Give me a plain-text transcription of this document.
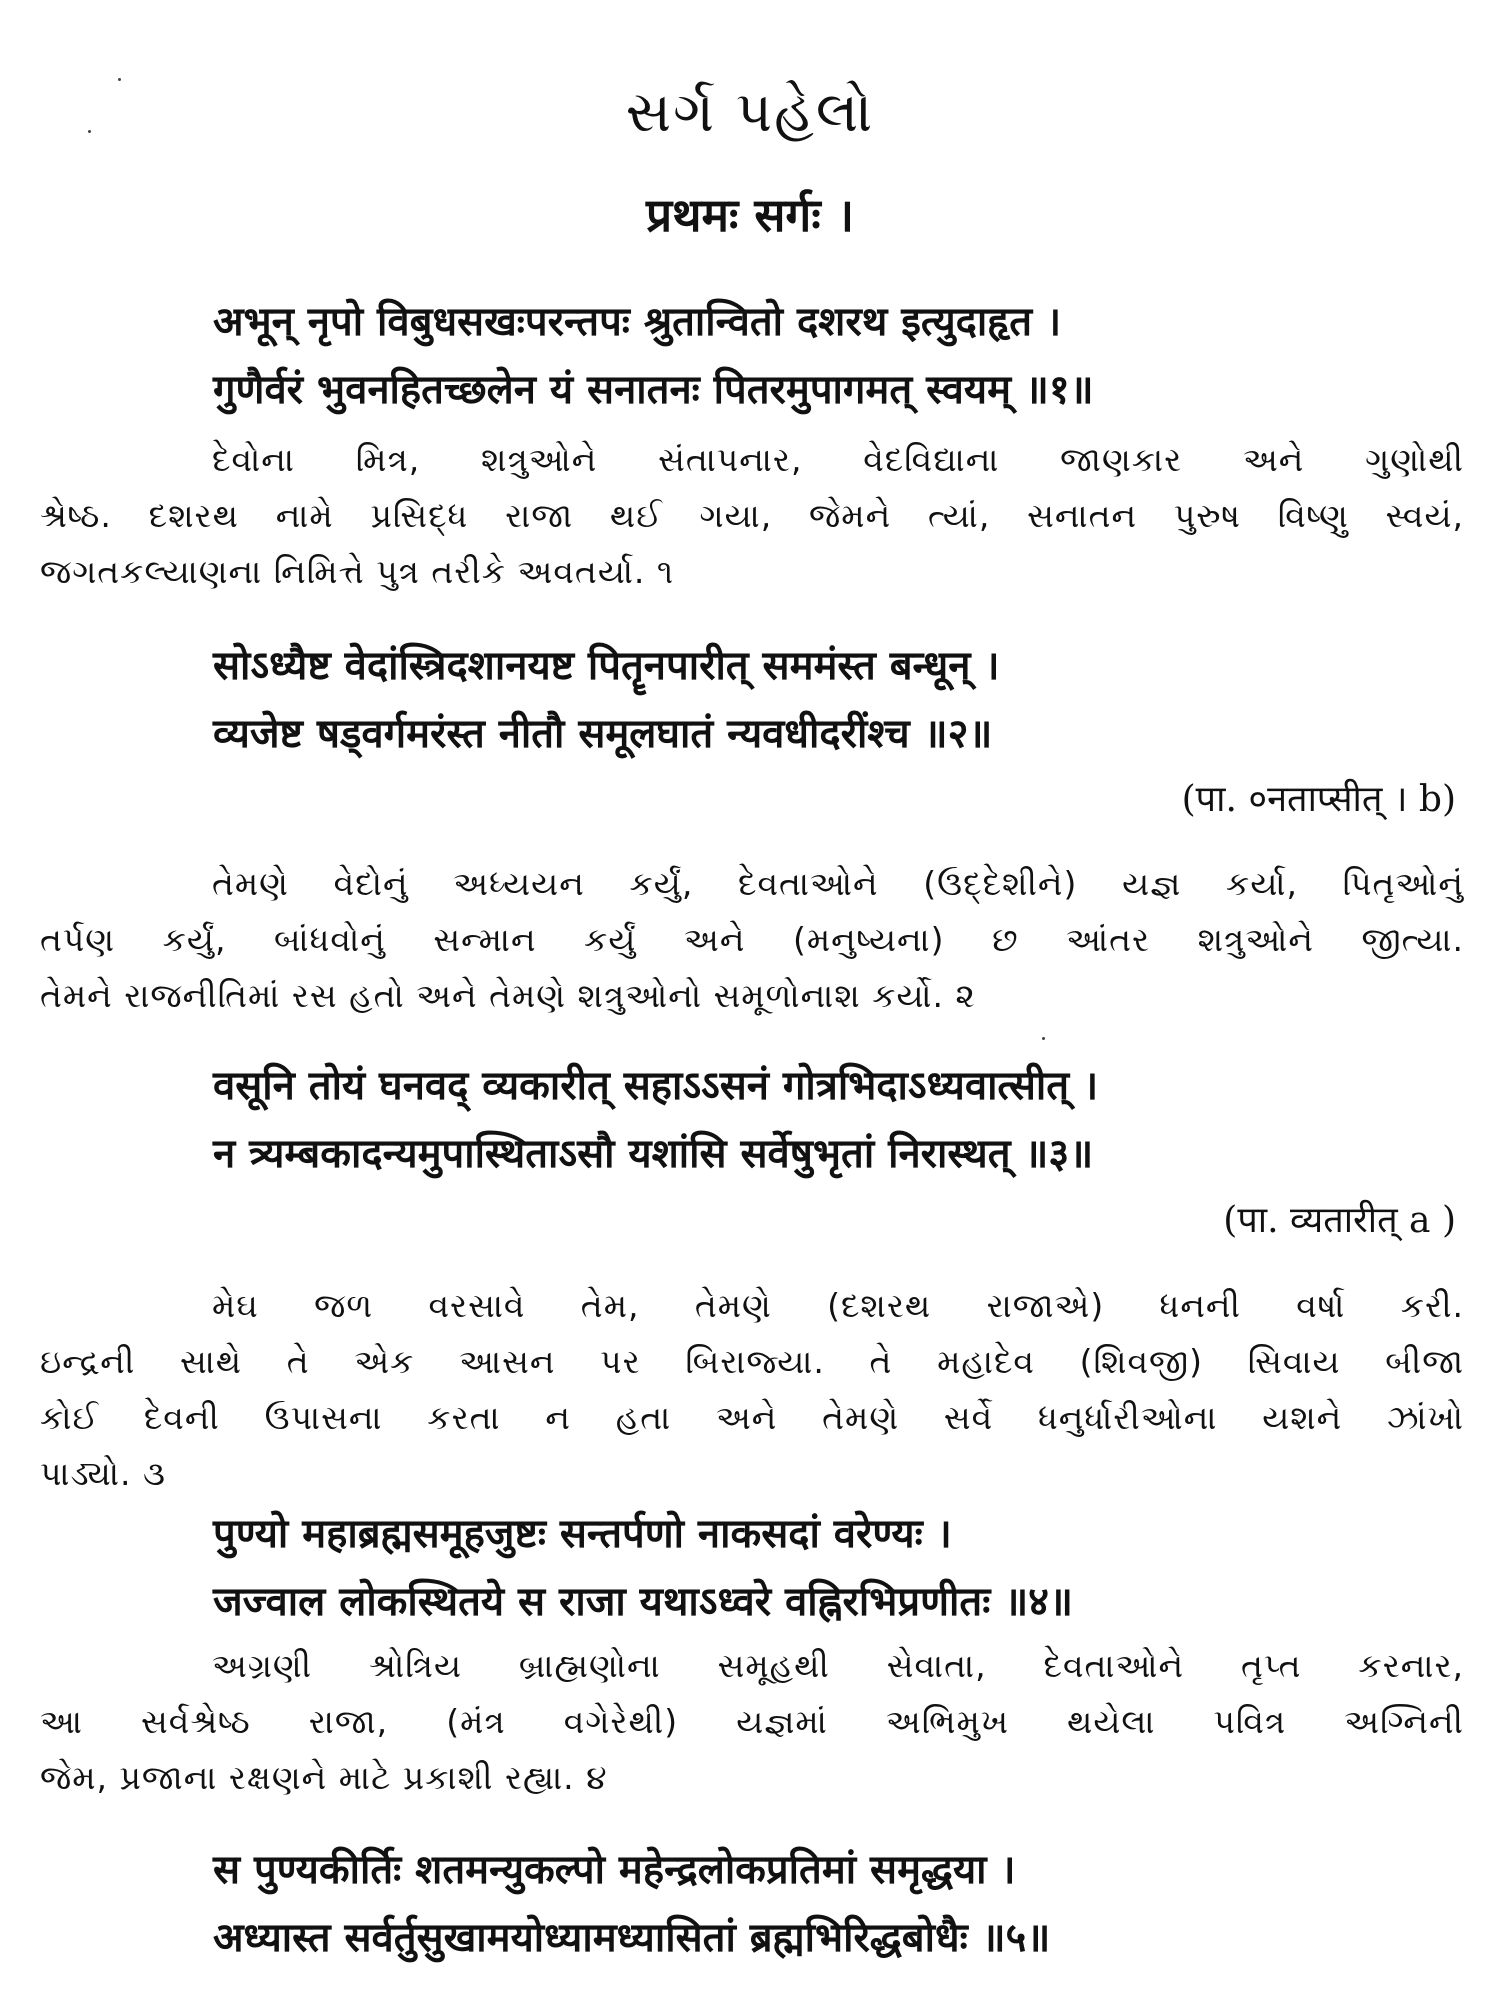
સર્ગ પહેલો
प्रथमः सर्गः ।
अभून् नृपो विबुधसखःपरन्तपः श्रुतान्वितो दशरथ इत्युदाहृत ।
गुणैर्वरं भुवनहितच्छलेन यं सनातनः पितरमुपागमत् स्वयम् ॥१॥
દેવોના મિત્ર, શત્રુઓને સંતાપનાર, વેદવિદ્યાના જાણકાર અને ગુણોથી
શ્રેષ્ઠ. દશરથ નામે પ્રસિદ્ધ રાજા થઈ ગયા, જેમને ત્યાં, સનાતન પુરુષ વિષ્ણુ સ્વયં,
જગતકલ્યાણના નિમિત્તે પુત્ર તરીકે અવતર્યા. ૧
सोऽध्यैष्ट वेदांस्त्रिदशानयष्ट पितॄनपारीत् सममंस्त बन्धून् ।
व्यजेष्ट षड्वर्गमरंस्त नीतौ समूलघातं न्यवधीदरींश्च ॥२॥
(पा. ०नताप्सीत् । b)
તેમણે વેદોનું અધ્યયન કર્યું, દેવતાઓને (ઉદ્દેશીને) યજ્ઞ કર્યા, પિતૃઓનું
તર્પણ કર્યું, બાંધવોનું સન્માન કર્યું અને (મનુષ્યના) છ આંતર શત્રુઓને જીત્યા.
તેમને રાજનીતિમાં રસ હતો અને તેમણે શત્રુઓનો સમૂળોનાશ કર્યો. ૨
वसूनि तोयं घनवद् व्यकारीत् सहाऽऽसनं गोत्रभिदाऽध्यवात्सीत् ।
न त्र्यम्बकादन्यमुपास्थिताऽसौ यशांसि सर्वेषुभृतां निरास्थत् ॥३॥
(पा. व्यतारीत् a )
મેઘ જળ વરસાવે તેમ, તેમણે (દશરથ રાજાએ) ધનની વર્ષા કરી.
ઇન્દ્રની સાથે તે એક આસન પર બિરાજ્યા. તે મહાદેવ (શિવજી) સિવાય બીજા
કોઈ દેવની ઉપાસના કરતા ન હતા અને તેમણે સર્વે ધનુર્ધારીઓના યશને ઝાંખો
પાડ્યો. ૩
पुण्यो महाब्रह्मसमूहजुष्टः सन्तर्पणो नाकसदां वरेण्यः ।
जज्वाल लोकस्थितये स राजा यथाऽध्वरे वह्निरभिप्रणीतः ॥४॥
અગ્રણી શ્રોત્રિય બ્રાહ્મણોના સમૂહથી સેવાતા, દેવતાઓને તૃપ્ત કરનાર,
આ સર્વશ્રેષ્ઠ રાજા, (મંત્ર વગેરેથી) યજ્ઞમાં અભિમુખ થયેલા પવિત્ર અગ્નિની
જેમ, પ્રજાના રક્ષણને માટે પ્રકાશી રહ્યા. ૪
स पुण्यकीर्तिः शतमन्युकल्पो महेन्द्रलोकप्रतिमां समृद्धया ।
अध्यास्त सर्वर्तुसुखामयोध्यामध्यासितां ब्रह्मभिरिद्धबोधैः ॥५॥
